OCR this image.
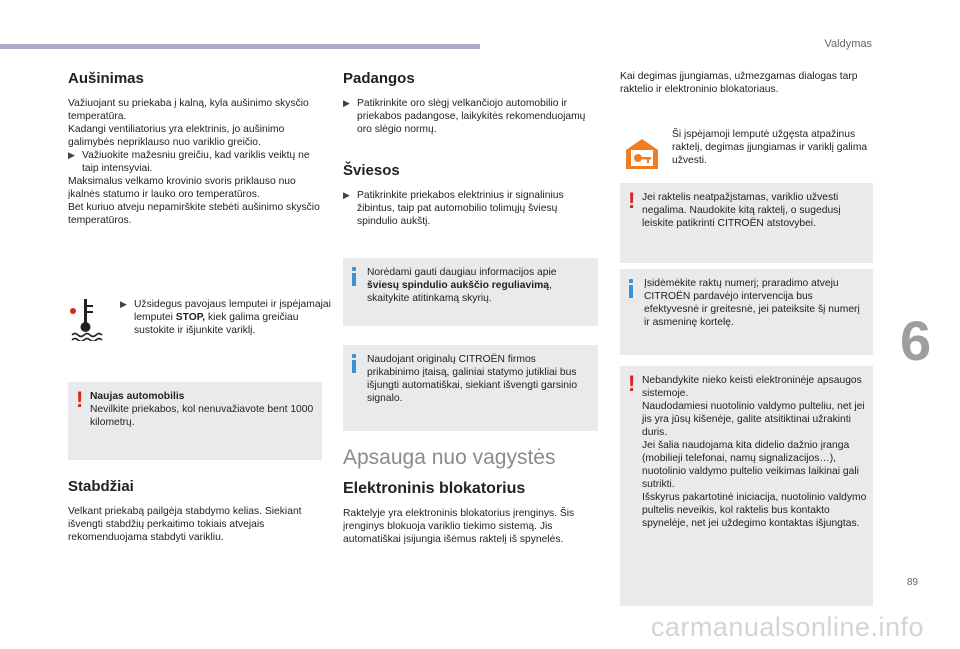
Valdymas
Aušinimas

Važiuojant su priekaba į kalną, kyla aušinimo skysčio temperatūra.

Kadangi ventiliatorius yra elektrinis, jo aušinimo galimybės nepriklauso nuo variklio greičio.

▶ Važiuokite mažesniu greičiu, kad variklis veiktų ne taip intensyviai.

Maksimalus velkamo krovinio svoris priklauso nuo įkalnės statumo ir lauko oro temperatūros.

Bet kuriuo atveju nepamirškite stebėti aušinimo skysčio temperatūros.

▶ Užsidegus pavojaus lemputei ir įspėjamajai lemputei STOP, kiek galima greičiau sustokite ir išjunkite variklį.
! Naujas automobilis
Nevilkite priekabos, kol nenuvažiavote bent 1000 kilometrų.
Stabdžiai

Velkant priekabą pailgėja stabdymo kelias. Siekiant išvengti stabdžių perkaitimo tokiais atvejais rekomenduojama stabdyti varikliu.

Padangos
▶ Patikrinkite oro slėgį velkančiojo automobilio ir priekabos padangose, laikykitės rekomenduojamų oro slėgio normų.
Šviesos
▶ Patikrinkite priekabos elektrinius ir signalinius žibintus, taip pat automobilio tolimųjų šviesų spindulio aukštį.
Norėdami gauti daugiau informacijos apie šviesų spindulio aukščio reguliavimą, skaitykite atitinkamą skyrių.
Naudojant originalų CITROËN firmos prikabinimo įtaisą, galiniai statymo jutikliai bus išjungti automatiškai, siekiant išvengti garsinio signalo.
Apsauga nuo vagystės
Elektroninis blokatorius

Raktelyje yra elektroninis blokatorius įrenginys. Šis įrenginys blokuoja variklio tiekimo sistemą. Jis automatiškai įsijungia išėmus raktelį iš spynelės.

Kai degimas įjungiamas, užmezgamas dialogas tarp raktelio ir elektroninio blokatoriaus.

Ši įspėjamoji lemputė užgęsta atpažinus raktelį, degimas įjungiamas ir variklį galima užvesti.
! Jei raktelis neatpažįstamas, variklio užvesti negalima. Naudokite kitą raktelį, o sugedusį leiskite patikrinti CITROËN atstovybei.
Įsidėmėkite raktų numerį; praradimo atveju CITROËN pardavėjo intervencija bus efektyvesnė ir greitesnė, jei pateiksite šį numerį ir asmeninę kortelę.
! Nebandykite nieko keisti elektroninėje apsaugos sistemoje.
Naudodamiesi nuotolinio valdymo pulteliu, net jei jis yra jūsų kišenėje, galite atsitiktinai užrakinti duris.
Jei šalia naudojama kita didelio dažnio įranga (mobilieji telefonai, namų signalizacijos…), nuotolinio valdymo pultelio veikimas laikinai gali sutrikti.
Išskyrus pakartotinė iniciacija, nuotolinio valdymo pultelis neveikis, kol raktelis bus kontakto spynelėje, net jei uždegimo kontaktas išjungtas.
6
89
carmanualsonline.info
